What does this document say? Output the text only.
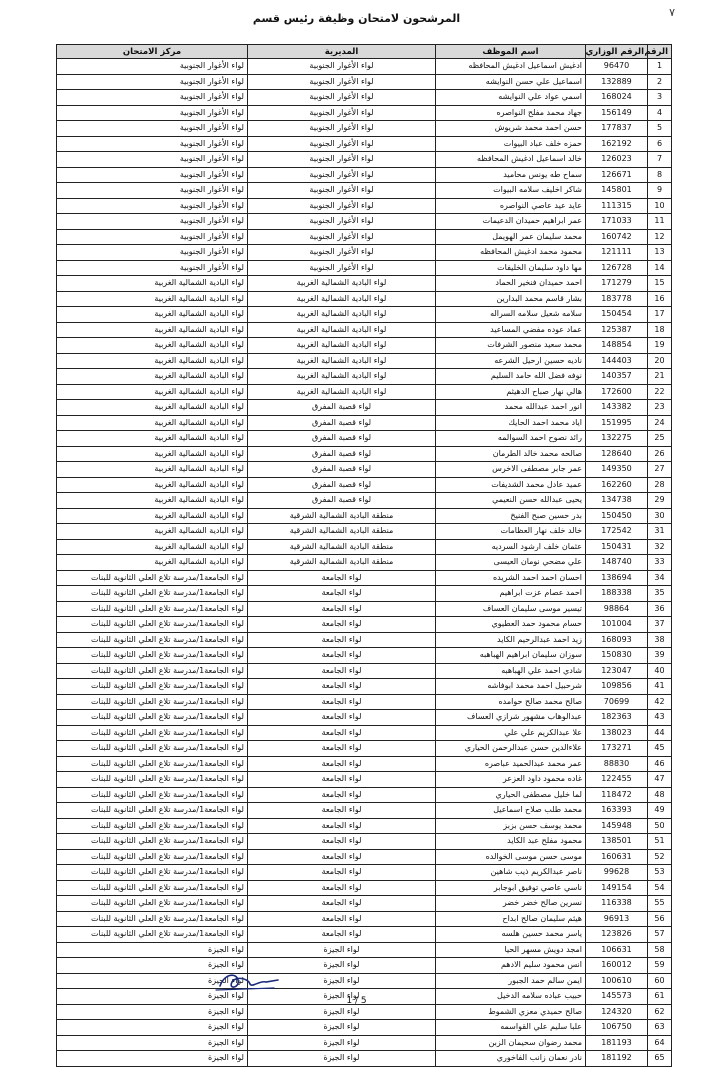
٧
المرشحون لامتحان وظيفة رئيس قسم
الرقم	الرقم الوزاري	اسم الموظف	المديرية	مركز الامتحان
1	96470	ادغيش اسماعيل ادغيش المحافظه	لواء الأغوار الجنوبية	لواء الأغوار الجنوبية
2	132889	اسماعيل علي حسن النوايشه	لواء الأغوار الجنوبية	لواء الأغوار الجنوبية
3	168024	اسمي عواد علي النوايشه	لواء الأغوار الجنوبية	لواء الأغوار الجنوبية
4	156149	جهاد محمد مفلح النواصره	لواء الأغوار الجنوبية	لواء الأغوار الجنوبية
5	177837	حسن احمد محمد شريوش	لواء الأغوار الجنوبية	لواء الأغوار الجنوبية
6	162192	حمزه خلف عباد البيوات	لواء الأغوار الجنوبية	لواء الأغوار الجنوبية
7	126023	خالد اسماعيل ادغيش المحافظه	لواء الأغوار الجنوبية	لواء الأغوار الجنوبية
8	126671	سماح طه يونس محاميد	لواء الأغوار الجنوبية	لواء الأغوار الجنوبية
9	145801	شاكر اخليف سلامه البيوات	لواء الأغوار الجنوبية	لواء الأغوار الجنوبية
10	111315	عايد عيد عاصي النواصره	لواء الأغوار الجنوبية	لواء الأغوار الجنوبية
11	171033	عمر ابراهيم حميدان الدعيمات	لواء الأغوار الجنوبية	لواء الأغوار الجنوبية
12	160742	محمد سليمان عمر الهويمل	لواء الأغوار الجنوبية	لواء الأغوار الجنوبية
13	121111	محمود محمد ادغيش المحافظه	لواء الأغوار الجنوبية	لواء الأغوار الجنوبية
14	126728	مها داود سليمان الخليفات	لواء الأغوار الجنوبية	لواء الأغوار الجنوبية
15	171279	احمد حميدان فنخير الحماد	لواء البادية الشمالية الغربية	لواء البادية الشمالية الغربية
16	183778	بشار قاسم محمد البدارين	لواء البادية الشمالية الغربية	لواء البادية الشمالية الغربية
17	150454	سلامه شعيل سلامه السراله	لواء البادية الشمالية الغربية	لواء البادية الشمالية الغربية
18	125387	عماد عوده مفضي المساعيد	لواء البادية الشمالية الغربية	لواء البادية الشمالية الغربية
19	148854	محمد سعيد منصور الشرفات	لواء البادية الشمالية الغربية	لواء البادية الشمالية الغربية
20	144403	ناديه حسين ارحيل الشرعه	لواء البادية الشمالية الغربية	لواء البادية الشمالية الغربية
21	140357	نوفه فضل الله حامد السليم	لواء البادية الشمالية الغربية	لواء البادية الشمالية الغربية
22	172600	هالي نهار صباح الدهيثم	لواء البادية الشمالية الغربية	لواء البادية الشمالية الغربية
23	143382	انور احمد عبدالله محمد	لواء قصبة المفرق	لواء البادية الشمالية الغربية
24	151995	اياد محمد احمد الحايك	لواء قصبة المفرق	لواء البادية الشمالية الغربية
25	132275	رائد نصوح احمد السوالمه	لواء قصبة المفرق	لواء البادية الشمالية الغربية
26	128640	صالحه محمد خالد الطرمان	لواء قصبة المفرق	لواء البادية الشمالية الغربية
27	149350	عمر جابر مصطفى الاخرس	لواء قصبة المفرق	لواء البادية الشمالية الغربية
28	162260	عميد عادل محمد الشديفات	لواء قصبة المفرق	لواء البادية الشمالية الغربية
29	134738	يحيى عبدالله حسن النعيمي	لواء قصبة المفرق	لواء البادية الشمالية الغربية
30	150450	بدر حسين صبح الفنيخ	منطقة البادية الشمالية الشرقية	لواء البادية الشمالية الغربية
31	172542	خالد خلف نهار العظامات	منطقة البادية الشمالية الشرقية	لواء البادية الشمالية الغربية
32	150431	عثمان خلف ارشود السرديه	منطقة البادية الشمالية الشرقية	لواء البادية الشمالية الغربية
33	148740	علي مضحي نومان العيسى	منطقة البادية الشمالية الشرقية	لواء البادية الشمالية الغربية
34	138694	احسان احمد احمد الشريده	لواء الجامعة	لواء الجامعة1/مدرسة تلاع العلي الثانوية للبنات
35	188338	احمد عصام عزت ابراهيم	لواء الجامعة	لواء الجامعة1/مدرسة تلاع العلي الثانوية للبنات
36	98864	تيسير موسى سليمان العساف	لواء الجامعة	لواء الجامعة1/مدرسة تلاع العلي الثانوية للبنات
37	101004	حسام محمود حمد العطيوي	لواء الجامعة	لواء الجامعة1/مدرسة تلاع العلي الثانوية للبنات
38	168093	زيد احمد عبدالرحيم الكايد	لواء الجامعة	لواء الجامعة1/مدرسة تلاع العلي الثانوية للبنات
39	150830	سوزان سليمان ابراهيم الهباهبه	لواء الجامعة	لواء الجامعة1/مدرسة تلاع العلي الثانوية للبنات
40	123047	شادي احمد علي الهباهبه	لواء الجامعة	لواء الجامعة1/مدرسة تلاع العلي الثانوية للبنات
41	109856	شرحبيل احمد محمد ابوفاشه	لواء الجامعة	لواء الجامعة1/مدرسة تلاع العلي الثانوية للبنات
42	70699	صالح محمد صالح حوامده	لواء الجامعة	لواء الجامعة1/مدرسة تلاع العلي الثانوية للبنات
43	182363	عبدالوهاب مشهور شرازي العساف	لواء الجامعة	لواء الجامعة1/مدرسة تلاع العلي الثانوية للبنات
44	138023	علا عبدالكريم علي علي	لواء الجامعة	لواء الجامعة1/مدرسة تلاع العلي الثانوية للبنات
45	173271	علاءالدين حسن عبدالرحمن الحياري	لواء الجامعة	لواء الجامعة1/مدرسة تلاع العلي الثانوية للبنات
46	88830	عمر محمد عبدالحميد عباصره	لواء الجامعة	لواء الجامعة1/مدرسة تلاع العلي الثانوية للبنات
47	122455	غاده محمود داود العزعر	لواء الجامعة	لواء الجامعة1/مدرسة تلاع العلي الثانوية للبنات
48	118472	لما خليل مصطفى الحياري	لواء الجامعة	لواء الجامعة1/مدرسة تلاع العلي الثانوية للبنات
49	163393	محمد طلب صلاح اسماعيل	لواء الجامعة	لواء الجامعة1/مدرسة تلاع العلي الثانوية للبنات
50	145948	محمد يوسف حسن بزبز	لواء الجامعة	لواء الجامعة1/مدرسة تلاع العلي الثانوية للبنات
51	138501	محمود مفلح عبد الكايد	لواء الجامعة	لواء الجامعة1/مدرسة تلاع العلي الثانوية للبنات
52	160631	موسى حسن موسى الخوالده	لواء الجامعة	لواء الجامعة1/مدرسة تلاع العلي الثانوية للبنات
53	99628	ناصر عبدالكريم ذيب شاهين	لواء الجامعة	لواء الجامعة1/مدرسة تلاع العلي الثانوية للبنات
54	149154	ناسي عاصي توفيق ابوجابر	لواء الجامعة	لواء الجامعة1/مدرسة تلاع العلي الثانوية للبنات
55	116338	نسرين صالح خضر خضر	لواء الجامعة	لواء الجامعة1/مدرسة تلاع العلي الثانوية للبنات
56	96913	هيثم سليمان صالح ابداح	لواء الجامعة	لواء الجامعة1/مدرسة تلاع العلي الثانوية للبنات
57	123826	ياسر محمد حسين هلسه	لواء الجامعة	لواء الجامعة1/مدرسة تلاع العلي الثانوية للبنات
58	106631	امجد دويش مسهر الحيا	لواء الجيزة	لواء الجيزة
59	160012	انس محمود سليم الادهم	لواء الجيزة	لواء الجيزة
60	100610	ايمن سالم حمد الجبور	لواء الجيزة	لواء الجيزة
61	145573	حبيب عباده سلامه الدخيل	لواء الجيزة	لواء الجيزة
62	124320	صالح حميدي معزي الشموط	لواء الجيزة	لواء الجيزة
63	106750	علبا سليم علي القواسمه	لواء الجيزة	لواء الجيزة
64	181193	محمد رضوان سحيمان الزبن	لواء الجيزة	لواء الجيزة
65	181192	نادر نعمان زانب الفاخوري	لواء الجيزة	لواء الجيزة
1 / 5
